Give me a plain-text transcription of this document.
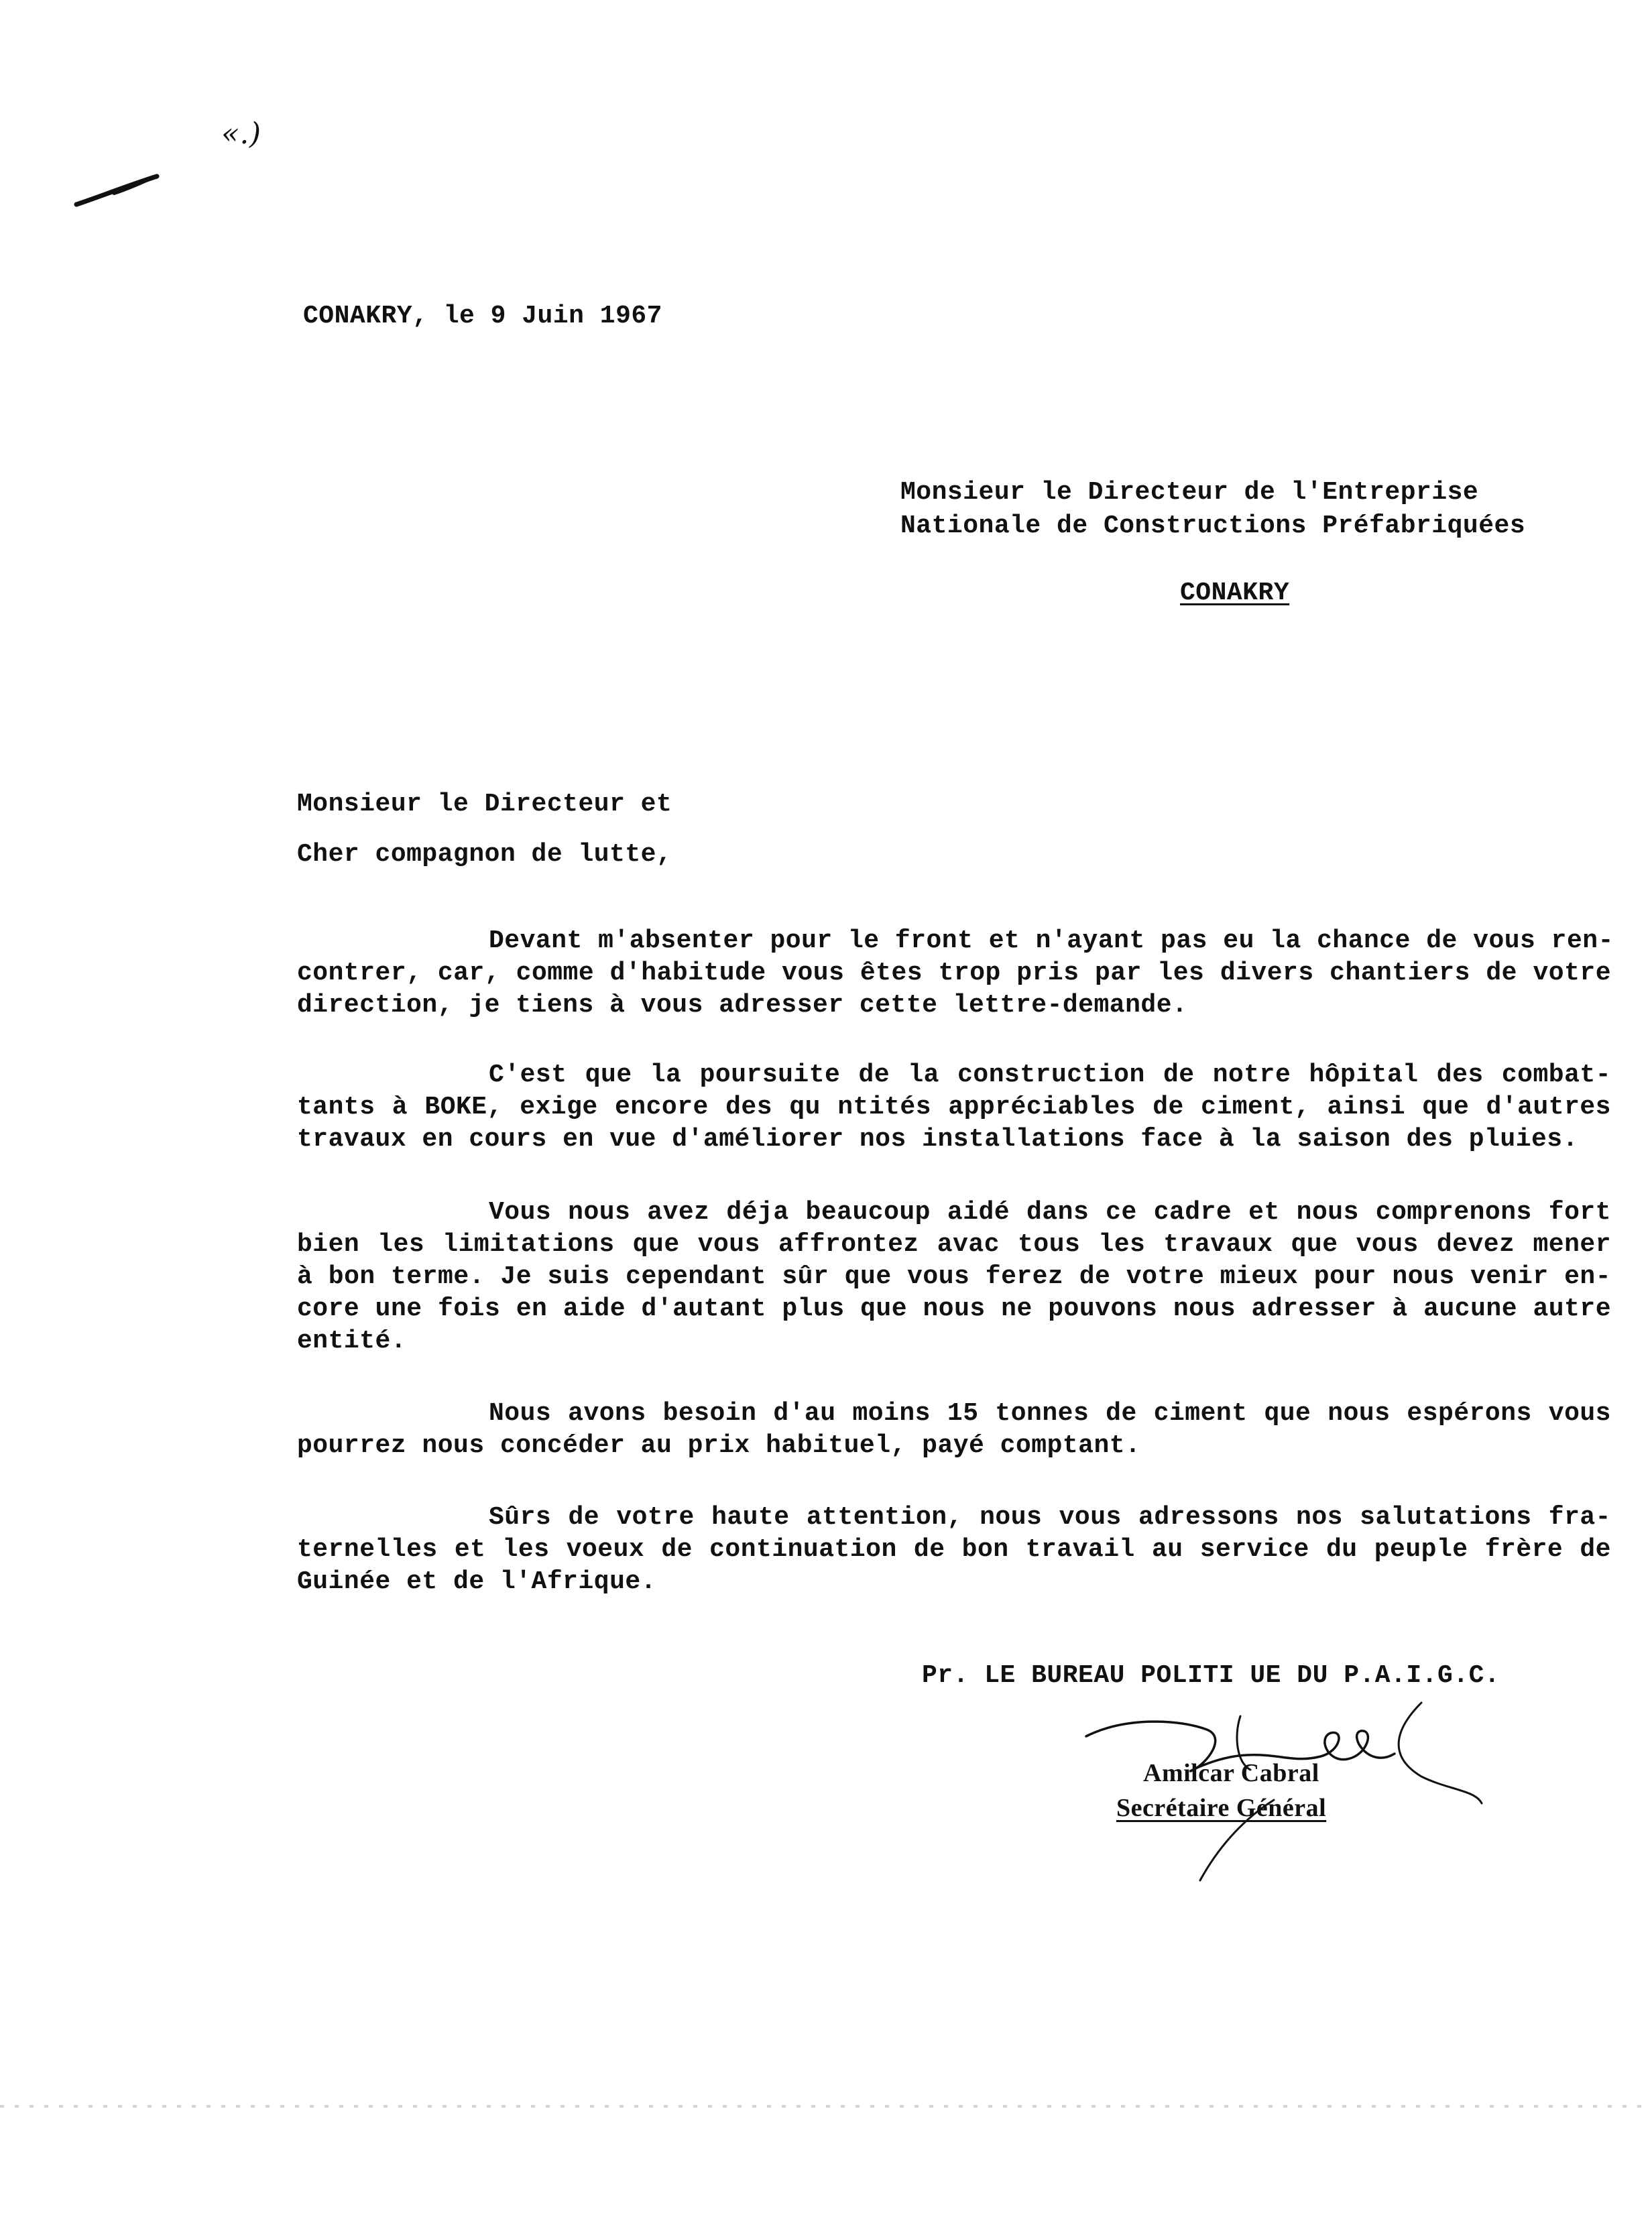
«.)
CONAKRY, le 9 Juin 1967
Monsieur le Directeur de l'Entreprise
Nationale de Constructions Préfabriquées
CONAKRY
Monsieur le Directeur et
Cher compagnon de lutte,
Devant m'absenter pour le front et n'ayant pas eu la chance de vous ren-
contrer, car, comme d'habitude vous êtes trop pris par les divers chantiers de votre
direction, je tiens à vous adresser cette lettre-demande.
C'est que la poursuite de la construction de notre hôpital des combat-
tants à BOKE, exige encore des qu ntités appréciables de ciment, ainsi que d'autres
travaux en cours en vue d'améliorer nos installations face à la saison des pluies.
Vous nous avez déja beaucoup aidé dans ce cadre et nous comprenons fort
bien les limitations que vous affrontez avac tous les travaux que vous devez mener
à bon terme. Je suis cependant sûr que vous ferez de votre mieux pour nous venir en-
core une fois en aide d'autant plus que nous ne pouvons nous adresser à aucune autre
entité.
Nous avons besoin d'au moins 15 tonnes de ciment que nous espérons vous
pourrez nous concéder au prix habituel, payé comptant.
Sûrs de votre haute attention, nous vous adressons nos salutations fra-
ternelles et les voeux de continuation de bon travail au service du peuple frère de
Guinée et de l'Afrique.
Pr. LE BUREAU POLITI UE DU P.A.I.G.C.
Amilcar Cabral
Secrétaire Général
